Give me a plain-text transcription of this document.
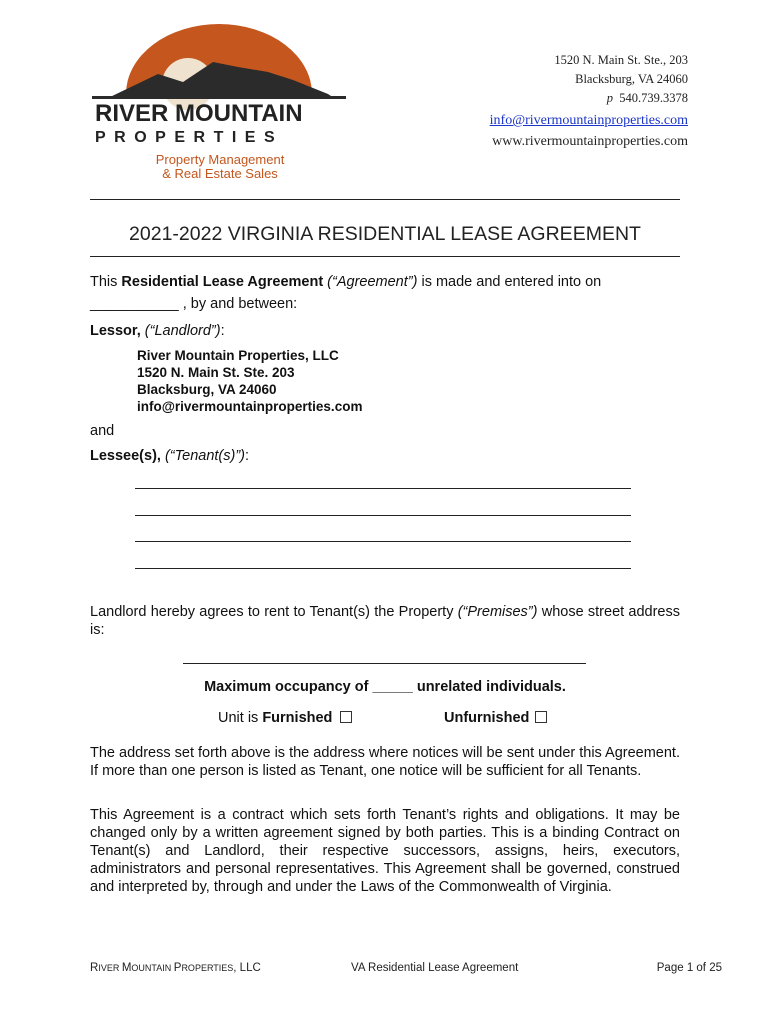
RIVER MOUNTAIN
PROPERTIES
Property Management
& Real Estate Sales
1520 N. Main St. Ste., 203
Blacksburg, VA 24060
p 540.739.3378
info@rivermountainproperties.com
www.rivermountainproperties.com
2021-2022 VIRGINIA RESIDENTIAL LEASE AGREEMENT
This Residential Lease Agreement (“Agreement”) is made and entered into on
___________ , by and between:
Lessor, (“Landlord”):
River Mountain Properties, LLC
1520 N. Main St. Ste. 203
Blacksburg, VA 24060
info@rivermountainproperties.com
and
Lessee(s), (“Tenant(s)”):
Landlord hereby agrees to rent to Tenant(s) the Property (“Premises”) whose street address is:
Maximum occupancy of _____ unrelated individuals.
Unit is Furnished	Unfurnished
The address set forth above is the address where notices will be sent under this Agreement. If more than one person is listed as Tenant, one notice will be sufficient for all Tenants.
This Agreement is a contract which sets forth Tenant’s rights and obligations. It may be changed only by a written agreement signed by both parties. This is a binding Contract on Tenant(s) and Landlord, their respective successors, assigns, heirs, executors, administrators and personal representatives. This Agreement shall be governed, construed and interpreted by, through and under the Laws of the Commonwealth of Virginia.
RIVER MOUNTAIN PROPERTIES, LLC	VA Residential Lease Agreement	Page 1 of 25
